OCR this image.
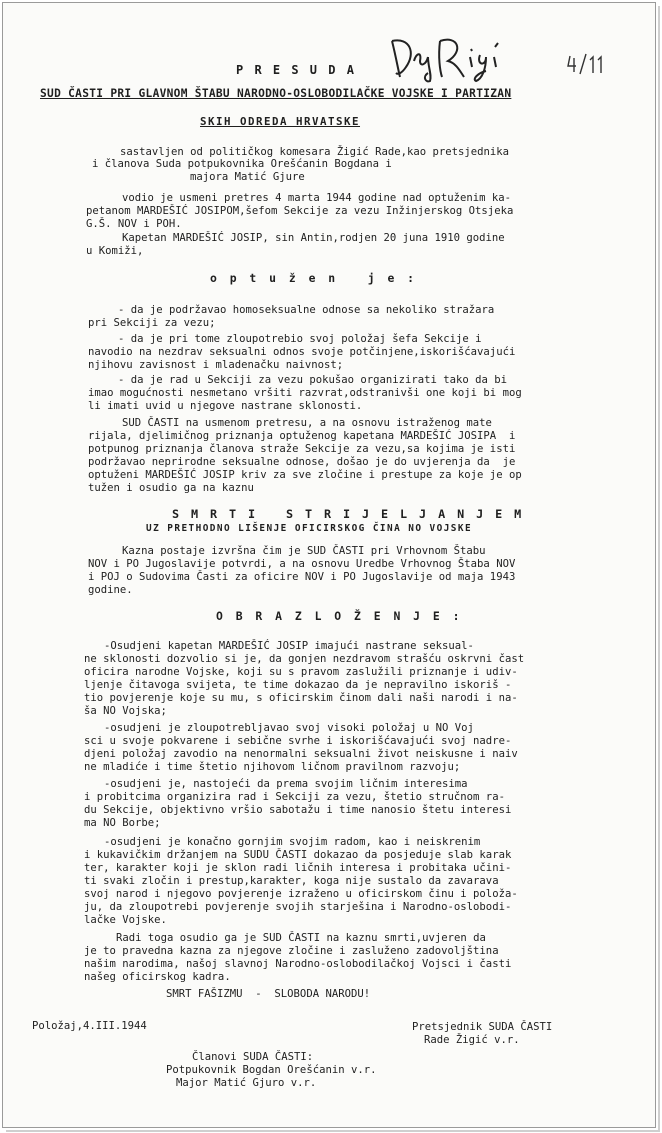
P R E S U D A
SUD ČASTI PRI GLAVNOM ŠTABU NARODNO-OSLOBODILAČKE VOJSKE I PARTIZAN
SKIH ODREDA HRVATSKE
sastavljen od političkog komesara Žigić Rade,kao pretsjednika
i članova Suda potpukovnika Orešćanin Bogdana i
majora Matić Gjure
vodio je usmeni pretres 4 marta 1944 godine nad optuženim ka-
petanom MARDEŠIĆ JOSIPOM,šefom Sekcije za vezu Inžinjerskog Otsjeka
G.Š. NOV i POH.
Kapetan MARDEŠIĆ JOSIP, sin Antin,rodjen 20 juna 1910 godine
u Komiži,
o p t u ž e n   j e :
- da je podržavao homoseksualne odnose sa nekoliko stražara
pri Sekciji za vezu;
- da je pri tome zloupotrebio svoj položaj šefa Sekcije i
navodio na nezdrav seksualni odnos svoje potčinjene,iskorišćavajući
njihovu zavisnost i mladenačku naivnost;
- da je rad u Sekciji za vezu pokušao organizirati tako da bi
imao mogućnosti nesmetano vršiti razvrat,odstranivši one koji bi mog
li imati uvid u njegove nastrane sklonosti.
SUD ČASTI na usmenom pretresu, a na osnovu istraženog mate
rijala, djelimičnog priznanja optuženog kapetana MARDEŠIĆ JOSIPA  i
potpunog priznanja članova straže Sekcije za vezu,sa kojima je isti
podržavao neprirodne seksualne odnose, došao je do uvjerenja da  je
optuženi MARDEŠIĆ JOSIP kriv za sve zločine i prestupe za koje je op
tužen i osudio ga na kaznu
S M R T I   S T R I J E L J A N J E M
U Z   P R E T H O D N O   L I Š E N J E   O F I C I R S K O G   Č I N A   N O   V O J S K E
Kazna postaje izvršna čim je SUD ČASTI pri Vrhovnom Štabu
NOV i PO Jugoslavije potvrdi, a na osnovu Uredbe Vrhovnog Štaba NOV
i POJ o Sudovima Časti za oficire NOV i PO Jugoslavije od maja 1943
godine.
O B R A Z L O Ž E N J E :
-Osudjeni kapetan MARDEŠIĆ JOSIP imajući nastrane seksual-
ne sklonosti dozvolio si je, da gonjen nezdravom strašću oskrvni čast
oficira narodne Vojske, koji su s pravom zaslužili priznanje i udiv-
ljenje čitavoga svijeta, te time dokazao da je nepravilno iskoriš -
tio povjerenje koje su mu, s oficirskim činom dali naši narodi i na-
ša NO Vojska;
-osudjeni je zloupotrebljavao svoj visoki položaj u NO Voj
sci u svoje pokvarene i sebične svrhe i iskorišćavajući svoj nadre-
djeni položaj zavodio na nenormalni seksualni život neiskusne i naiv
ne mladiće i time štetio njihovom ličnom pravilnom razvoju;
-osudjeni je, nastojeći da prema svojim ličnim interesima
i probitcima organizira rad i Sekciji za vezu, štetio stručnom ra-
du Sekcije, objektivno vršio sabotažu i time nanosio štetu interesi
ma NO Borbe;
-osudjeni je konačno gornjim svojim radom, kao i neiskrenim
i kukavičkim držanjem na SUDU ČASTI dokazao da posjeduje slab karak
ter, karakter koji je sklon radi ličnih interesa i probitaka učini-
ti svaki zločin i prestup,karakter, koga nije sustalo da zavarava
svoj narod i njegovo povjerenje izraženo u oficirskom činu i položa-
ju, da zloupotrebi povjerenje svojih starješina i Narodno-oslobodi-
lačke Vojske.
Radi toga osudio ga je SUD ČASTI na kaznu smrti,uvjeren da
je to pravedna kazna za njegove zločine i zasluženo zadovoljština
našim narodima, našoj slavnoj Narodno-oslobodilačkoj Vojsci i časti
našeg oficirskog kadra.
SMRT FAŠIZMU  -  SLOBODA NARODU!
Položaj,4.III.1944	Pretsjednik SUDA ČASTI
Rade Žigić v.r.
Članovi SUDA ČASTI:
Potpukovnik Bogdan Orešćanin v.r.
Major Matić Gjuro v.r.
